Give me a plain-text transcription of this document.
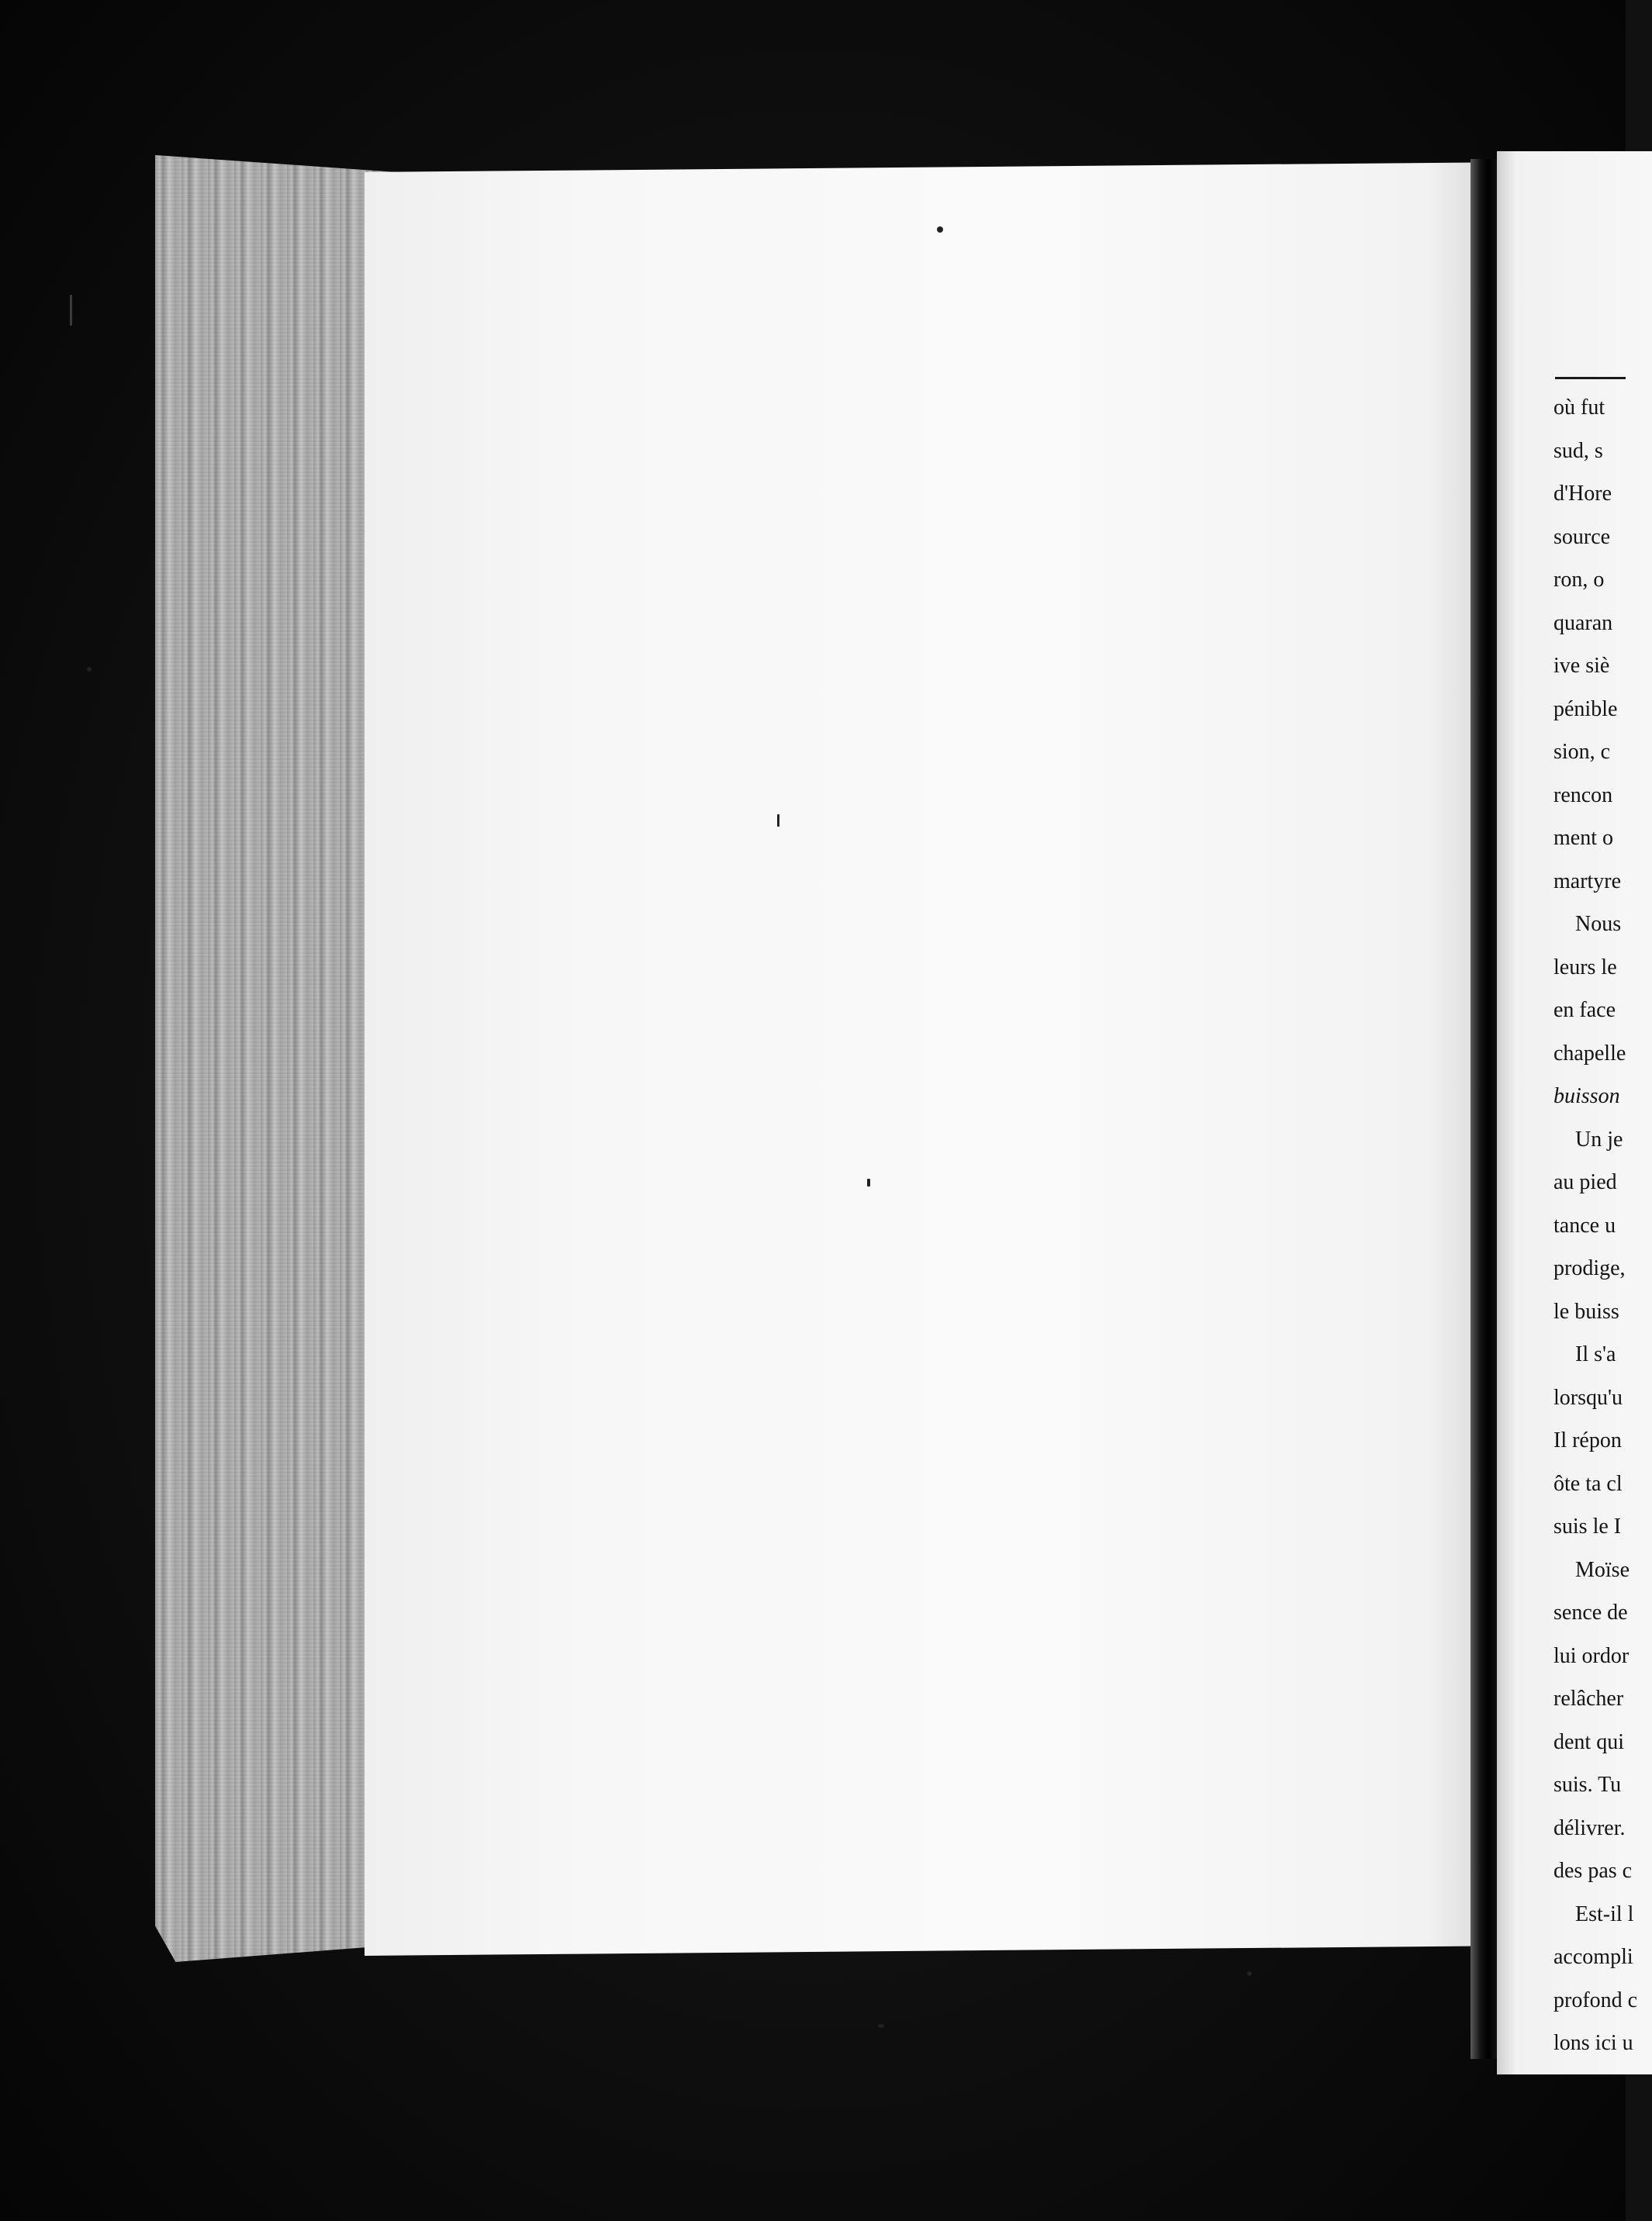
où fut
sud, s
d'Hore
source
ron, o
quaran
ive siè
pénible
sion, c
rencon
ment o
martyre
Nous
leurs le
en face
chapelle
buisson
Un je
au pied
tance u
prodige,
le buiss
Il s'a
lorsqu'u
Il répon
ôte ta cl
suis le I
Moïse
sence de
lui ordor
relâcher
dent qui
suis. Tu
délivrer.
des pas c
Est-il l
accompli
profond c
lons ici u
